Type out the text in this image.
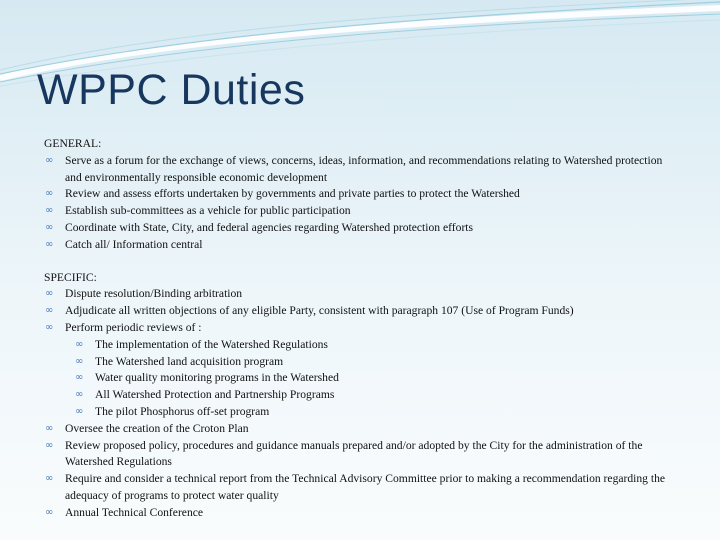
WPPC Duties

GENERAL:

∞ Serve as a forum for the exchange of views, concerns, ideas, information, and recommendations relating to Watershed protection and environmentally responsible economic development
∞ Review and assess efforts undertaken by governments and private parties to protect the Watershed
∞ Establish sub-committees as a vehicle for public participation
∞ Coordinate with State, City, and federal agencies regarding Watershed protection efforts
∞ Catch all/ Information central

SPECIFIC:

∞ Dispute resolution/Binding arbitration
∞ Adjudicate all written objections of any eligible Party, consistent with paragraph 107 (Use of Program Funds)
∞ Perform periodic reviews of :
∞ The implementation of the Watershed Regulations
∞ The Watershed land acquisition program
∞ Water quality monitoring programs in the Watershed
∞ All Watershed Protection and Partnership Programs
∞ The pilot Phosphorus off-set program
∞ Oversee the creation of the Croton Plan
∞ Review proposed policy, procedures and guidance manuals prepared and/or adopted by the City for the administration of the Watershed Regulations
∞ Require and consider a technical report from the Technical Advisory Committee prior to making a recommendation regarding the adequacy of programs to protect water quality
∞ Annual Technical Conference
